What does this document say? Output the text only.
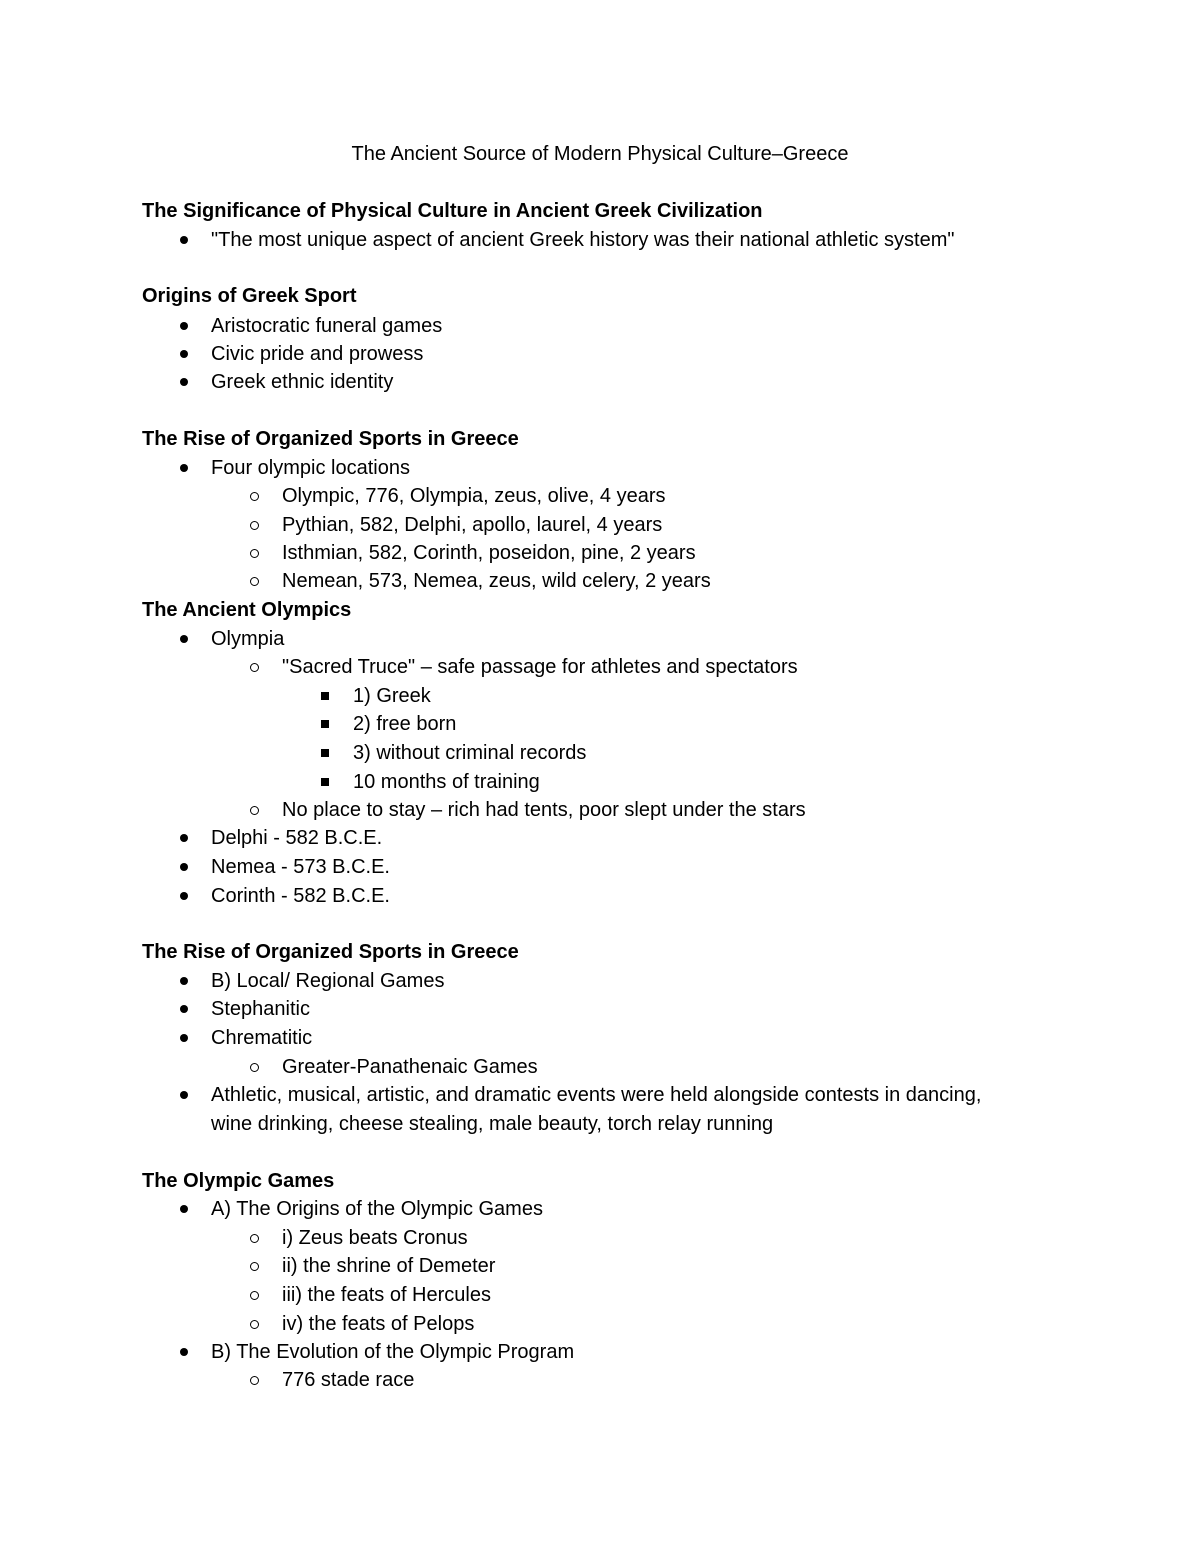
The Ancient Source of Modern Physical Culture–Greece
The Significance of Physical Culture in Ancient Greek Civilization
"The most unique aspect of ancient Greek history was their national athletic system"
Origins of Greek Sport
Aristocratic funeral games
Civic pride and prowess
Greek ethnic identity
The Rise of Organized Sports in Greece
Four olympic locations
Olympic, 776, Olympia, zeus, olive, 4 years
Pythian, 582, Delphi, apollo, laurel, 4 years
Isthmian, 582, Corinth, poseidon, pine, 2 years
Nemean, 573, Nemea, zeus, wild celery, 2 years
The Ancient Olympics
Olympia
"Sacred Truce" – safe passage for athletes and spectators
1) Greek
2) free born
3) without criminal records
10 months of training
No place to stay – rich had tents, poor slept under the stars
Delphi - 582 B.C.E.
Nemea - 573 B.C.E.
Corinth - 582 B.C.E.
The Rise of Organized Sports in Greece
B) Local/ Regional Games
Stephanitic
Chrematitic
Greater-Panathenaic Games
Athletic, musical, artistic, and dramatic events were held alongside contests in dancing,
wine drinking, cheese stealing, male beauty, torch relay running
The Olympic Games
A) The Origins of the Olympic Games
i) Zeus beats Cronus
ii) the shrine of Demeter
iii) the feats of Hercules
iv) the feats of Pelops
B) The Evolution of the Olympic Program
776 stade race
